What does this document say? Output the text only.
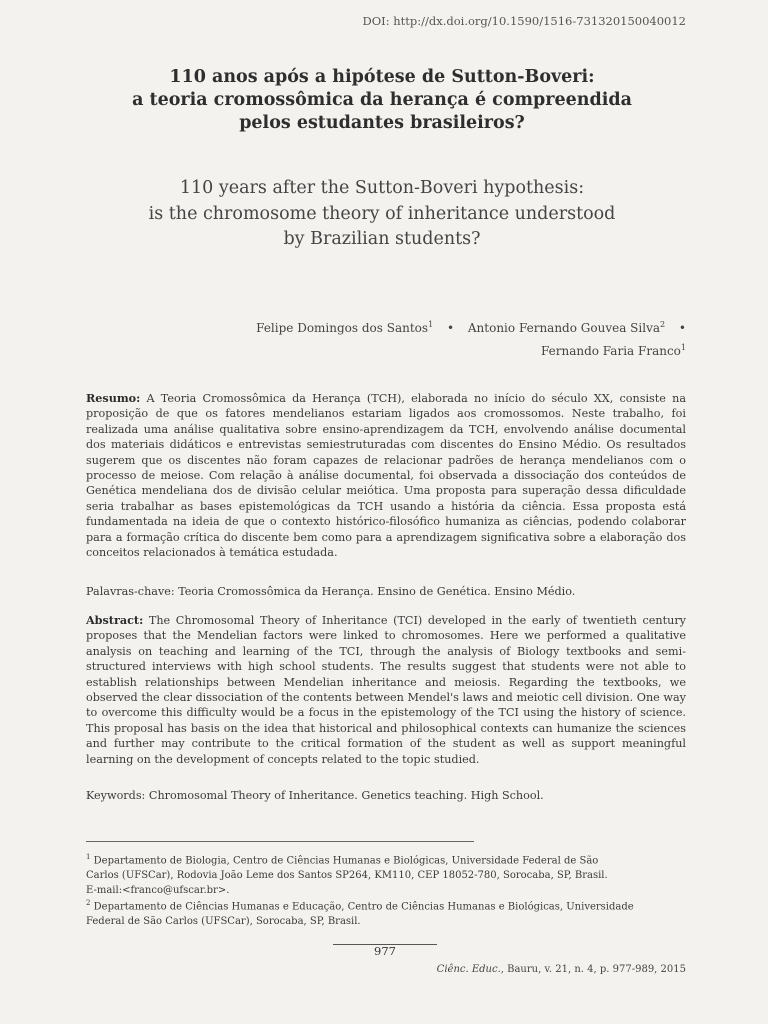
DOI: http://dx.doi.org/10.1590/1516-731320150040012
110 anos após a hipótese de Sutton-Boveri:
a teoria cromossômica da herança é compreendida
pelos estudantes brasileiros?
110 years after the Sutton-Boveri hypothesis:
is the chromosome theory of inheritance understood
by Brazilian students?
Felipe Domingos dos Santos$^1$ • Antonio Fernando Gouvea Silva$^2$ •
Fernando Faria Franco$^1$
Resumo: A Teoria Cromossômica da Herança (TCH), elaborada no início do século XX, consiste na proposição de que os fatores mendelianos estariam ligados aos cromossomos. Neste trabalho, foi realizada uma análise qualitativa sobre ensino-aprendizagem da TCH, envolvendo análise documental dos materiais didáticos e entrevistas semiestruturadas com discentes do Ensino Médio. Os resultados sugerem que os discentes não foram capazes de relacionar padrões de herança mendelianos com o processo de meiose. Com relação à análise documental, foi observada a dissociação dos conteúdos de Genética mendeliana dos de divisão celular meiótica. Uma proposta para superação dessa dificuldade seria trabalhar as bases epistemológicas da TCH usando a história da ciência. Essa proposta está fundamentada na ideia de que o contexto histórico-filosófico humaniza as ciências, podendo colaborar para a formação crítica do discente bem como para a aprendizagem significativa sobre a elaboração dos conceitos relacionados à temática estudada.
Palavras-chave: Teoria Cromossômica da Herança. Ensino de Genética. Ensino Médio.
Abstract: The Chromosomal Theory of Inheritance (TCI) developed in the early of twentieth century proposes that the Mendelian factors were linked to chromosomes. Here we performed a qualitative analysis on teaching and learning of the TCI, through the analysis of Biology textbooks and semi-structured interviews with high school students. The results suggest that students were not able to establish relationships between Mendelian inheritance and meiosis. Regarding the textbooks, we observed the clear dissociation of the contents between Mendel's laws and meiotic cell division. One way to overcome this difficulty would be a focus in the epistemology of the TCI using the history of science. This proposal has basis on the idea that historical and philosophical contexts can humanize the sciences and further may contribute to the critical formation of the student as well as support meaningful learning on the development of concepts related to the topic studied.
Keywords: Chromosomal Theory of Inheritance. Genetics teaching. High School.
$^1$ Departamento de Biologia, Centro de Ciências Humanas e Biológicas, Universidade Federal de São
Carlos (UFSCar), Rodovia João Leme dos Santos SP264, KM110, CEP 18052-780, Sorocaba, SP, Brasil.
E-mail:<franco@ufscar.br>.
$^2$ Departamento de Ciências Humanas e Educação, Centro de Ciências Humanas e Biológicas, Universidade
Federal de São Carlos (UFSCar), Sorocaba, SP, Brasil.
977
Ciênc. Educ., Bauru, v. 21, n. 4, p. 977-989, 2015
